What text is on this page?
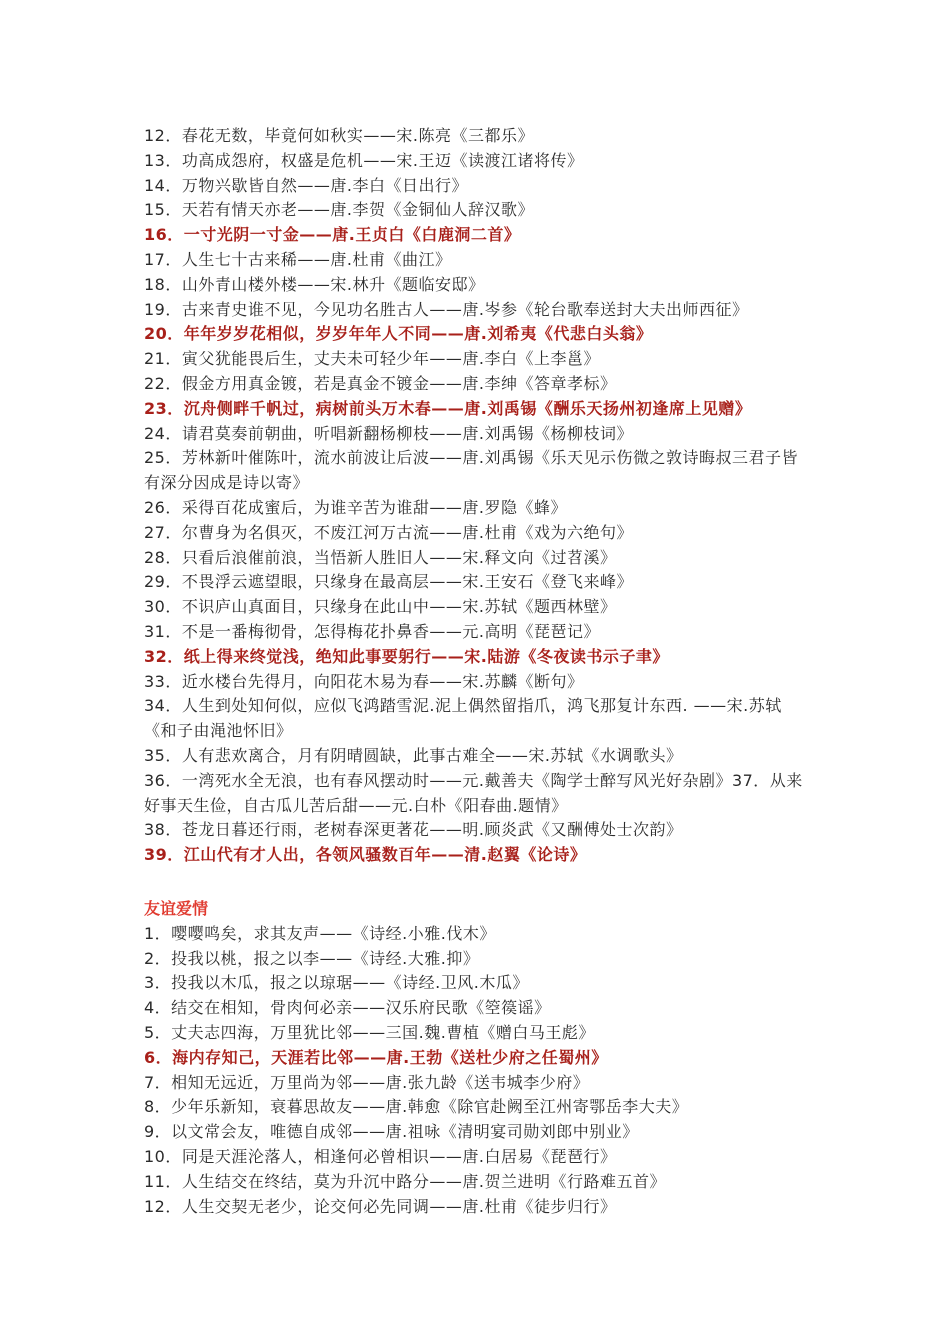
12．春花无数，毕竟何如秋实——宋.陈亮《三都乐》
13．功高成怨府，权盛是危机——宋.王迈《读渡江诸将传》
14．万物兴歇皆自然——唐.李白《日出行》
15．天若有情天亦老——唐.李贺《金铜仙人辞汉歌》
16．一寸光阴一寸金——唐.王贞白《白鹿洞二首》
17．人生七十古来稀——唐.杜甫《曲江》
18．山外青山楼外楼——宋.林升《题临安邸》
19．古来青史谁不见，今见功名胜古人——唐.岑参《轮台歌奉送封大夫出师西征》
20．年年岁岁花相似，岁岁年年人不同——唐.刘希夷《代悲白头翁》
21．寅父犹能畏后生，丈夫未可轻少年——唐.李白《上李邕》
22．假金方用真金镀，若是真金不镀金——唐.李绅《答章孝标》
23．沉舟侧畔千帆过，病树前头万木春——唐.刘禹锡《酬乐天扬州初逢席上见赠》
24．请君莫奏前朝曲，听唱新翻杨柳枝——唐.刘禹锡《杨柳枝词》
25．芳林新叶催陈叶，流水前波让后波——唐.刘禹锡《乐天见示伤微之敦诗晦叔三君子皆有深分因成是诗以寄》
26．采得百花成蜜后，为谁辛苦为谁甜——唐.罗隐《蜂》
27．尔曹身为名俱灭，不废江河万古流——唐.杜甫《戏为六绝句》
28．只看后浪催前浪，当悟新人胜旧人——宋.释文向《过苕溪》
29．不畏浮云遮望眼，只缘身在最高层——宋.王安石《登飞来峰》
30．不识庐山真面目，只缘身在此山中——宋.苏轼《题西林壁》
31．不是一番梅彻骨，怎得梅花扑鼻香——元.高明《琵琶记》
32．纸上得来终觉浅，绝知此事要躬行——宋.陆游《冬夜读书示子聿》
33．近水楼台先得月，向阳花木易为春——宋.苏麟《断句》
34．人生到处知何似，应似飞鸿踏雪泥.泥上偶然留指爪，鸿飞那复计东西. ——宋.苏轼《和子由渑池怀旧》
35．人有悲欢离合，月有阴晴圆缺，此事古难全——宋.苏轼《水调歌头》
36．一湾死水全无浪，也有春风摆动时——元.戴善夫《陶学士醉写风光好杂剧》37．从来好事天生俭，自古瓜儿苦后甜——元.白朴《阳春曲.题情》
38．苍龙日暮还行雨，老树春深更著花——明.顾炎武《又酬傅处士次韵》
39．江山代有才人出，各领风骚数百年——清.赵翼《论诗》
友谊爱情
1．嘤嘤鸣矣，求其友声——《诗经.小雅.伐木》
2．投我以桃，报之以李——《诗经.大雅.抑》
3．投我以木瓜，报之以琼琚——《诗经.卫风.木瓜》
4．结交在相知，骨肉何必亲——汉乐府民歌《箜篌谣》
5．丈夫志四海，万里犹比邻——三国.魏.曹植《赠白马王彪》
6．海内存知己，天涯若比邻——唐.王勃《送杜少府之任蜀州》
7．相知无远近，万里尚为邻——唐.张九龄《送韦城李少府》
8．少年乐新知，衰暮思故友——唐.韩愈《除官赴阙至江州寄鄂岳李大夫》
9．以文常会友，唯德自成邻——唐.祖咏《清明宴司勋刘郎中别业》
10．同是天涯沦落人，相逢何必曾相识——唐.白居易《琵琶行》
11．人生结交在终结，莫为升沉中路分——唐.贺兰进明《行路难五首》
12．人生交契无老少，论交何必先同调——唐.杜甫《徒步归行》
